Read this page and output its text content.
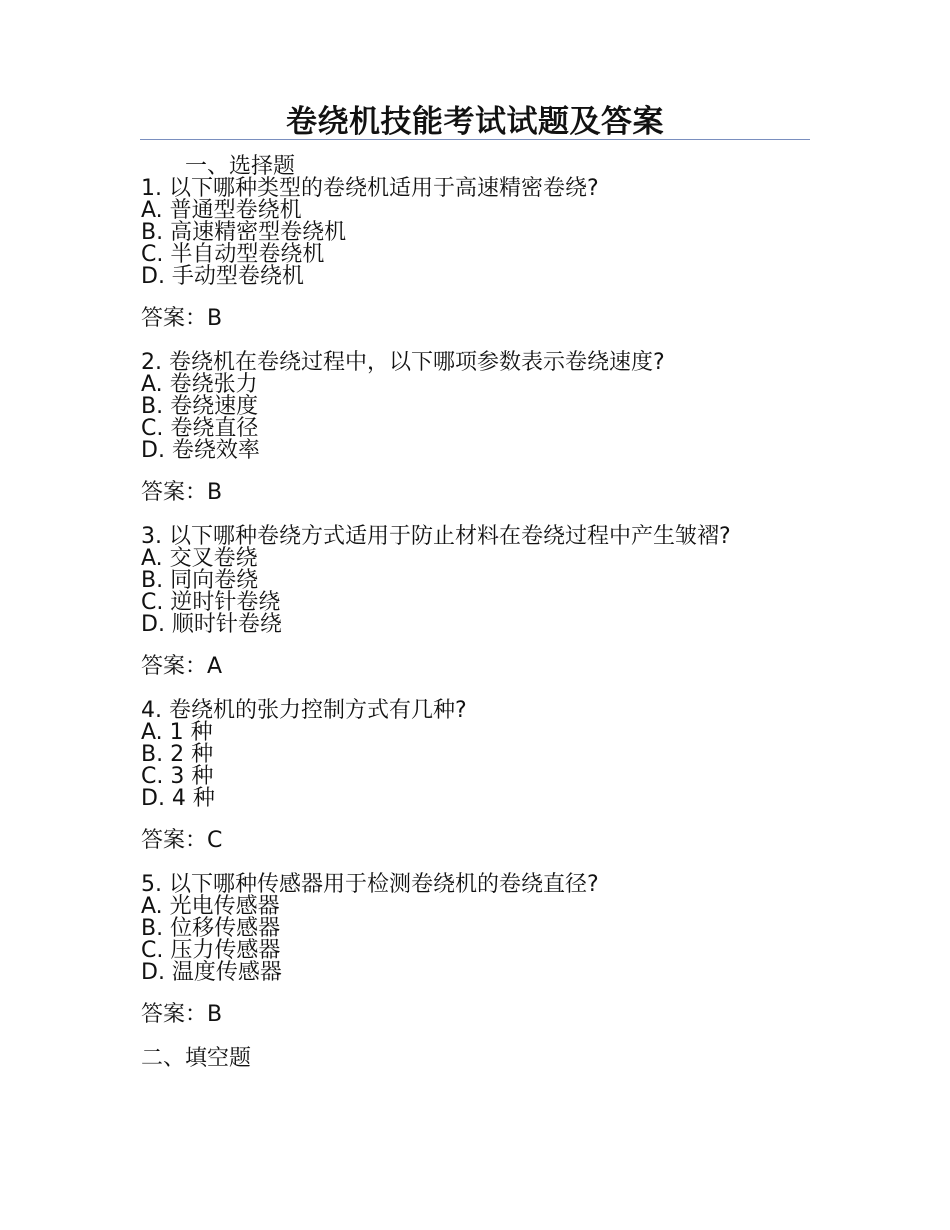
卷绕机技能考试试题及答案
一、选择题
1. 以下哪种类型的卷绕机适用于高速精密卷绕?
A. 普通型卷绕机
B. 高速精密型卷绕机
C. 半自动型卷绕机
D. 手动型卷绕机
答案：B
2. 卷绕机在卷绕过程中，以下哪项参数表示卷绕速度?
A. 卷绕张力
B. 卷绕速度
C. 卷绕直径
D. 卷绕效率
答案：B
3. 以下哪种卷绕方式适用于防止材料在卷绕过程中产生皱褶?
A. 交叉卷绕
B. 同向卷绕
C. 逆时针卷绕
D. 顺时针卷绕
答案：A
4. 卷绕机的张力控制方式有几种?
A. 1 种
B. 2 种
C. 3 种
D. 4 种
答案：C
5. 以下哪种传感器用于检测卷绕机的卷绕直径?
A. 光电传感器
B. 位移传感器
C. 压力传感器
D. 温度传感器
答案：B
二、填空题
